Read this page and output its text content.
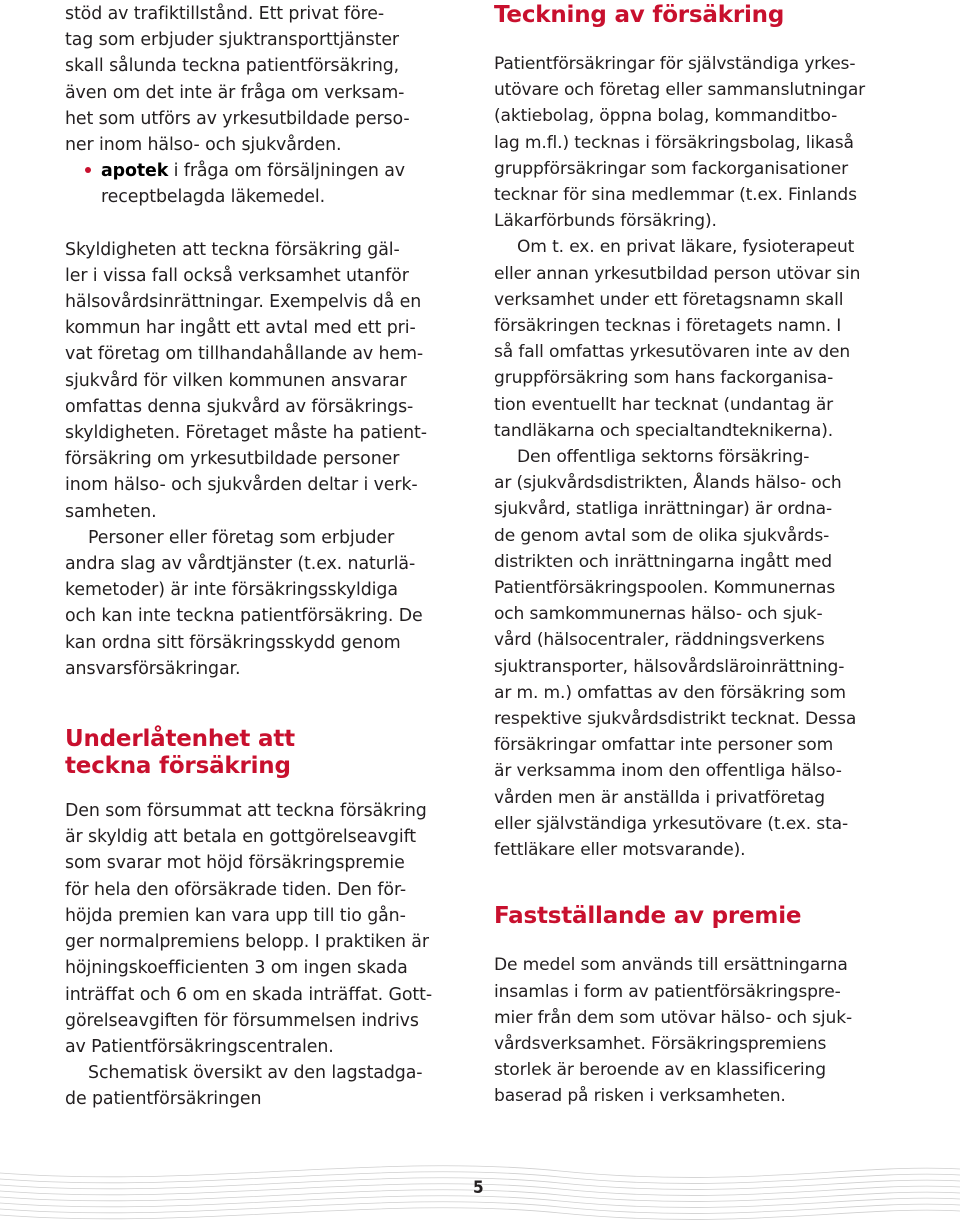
stöd av trafiktillstånd. Ett privat före-
tag som erbjuder sjuktransporttjänster
skall sålunda teckna patientförsäkring,
även om det inte är fråga om verksam-
het som utförs av yrkesutbildade perso-
ner inom hälso- och sjukvården.
apotek i fråga om försäljningen av
receptbelagda läkemedel.
Skyldigheten att teckna försäkring gäl-
ler i vissa fall också verksamhet utanför
hälsovårdsinrättningar. Exempelvis då en
kommun har ingått ett avtal med ett pri-
vat företag om tillhandahållande av hem-
sjukvård för vilken kommunen ansvarar
omfattas denna sjukvård av försäkrings-
skyldigheten. Företaget måste ha patient-
försäkring om yrkesutbildade personer
inom hälso- och sjukvården deltar i verk-
samheten.
Personer eller företag som erbjuder
andra slag av vårdtjänster (t.ex. naturlä-
kemetoder) är inte försäkringsskyldiga
och kan inte teckna patientförsäkring. De
kan ordna sitt försäkringsskydd genom
ansvarsförsäkringar.
Underlåtenhet att
teckna försäkring
Den som försummat att teckna försäkring
är skyldig att betala en gottgörelseavgift
som svarar mot höjd försäkringspremie
för hela den oförsäkrade tiden. Den för-
höjda premien kan vara upp till tio gån-
ger normalpremiens belopp. I praktiken är
höjningskoefficienten 3 om ingen skada
inträffat och 6 om en skada inträffat. Gott-
görelseavgiften för försummelsen indrivs
av Patientförsäkringscentralen.
Schematisk översikt av den lagstadga-
de patientförsäkringen
Teckning av försäkring
Patientförsäkringar för självständiga yrkes-
utövare och företag eller sammanslutningar
(aktiebolag, öppna bolag, kommanditbo-
lag m.fl.) tecknas i försäkringsbolag, likaså
gruppförsäkringar som fackorganisationer
tecknar för sina medlemmar (t.ex. Finlands
Läkarförbunds försäkring).
Om t. ex. en privat läkare, fysioterapeut
eller annan yrkesutbildad person utövar sin
verksamhet under ett företagsnamn skall
försäkringen tecknas i företagets namn. I
så fall omfattas yrkesutövaren inte av den
gruppförsäkring som hans fackorganisa-
tion eventuellt har tecknat (undantag är
tandläkarna och specialtandteknikerna).
Den offentliga sektorns försäkring-
ar (sjukvårdsdistrikten, Ålands hälso- och
sjukvård, statliga inrättningar) är ordna-
de genom avtal som de olika sjukvårds-
distrikten och inrättningarna ingått med
Patientförsäkringspoolen. Kommunernas
och samkommunernas hälso- och sjuk-
vård (hälsocentraler, räddningsverkens
sjuktransporter, hälsovårdsläroinrättning-
ar m. m.) omfattas av den försäkring som
respektive sjukvårdsdistrikt tecknat. Dessa
försäkringar omfattar inte personer som
är verksamma inom den offentliga hälso-
vården men är anställda i privatföretag
eller självständiga yrkesutövare (t.ex. sta-
fettläkare eller motsvarande).
Fastställande av premie
De medel som används till ersättningarna
insamlas i form av patientförsäkringspre-
mier från dem som utövar hälso- och sjuk-
vårdsverksamhet. Försäkringspremiens
storlek är beroende av en klassificering
baserad på risken i verksamheten.
5
